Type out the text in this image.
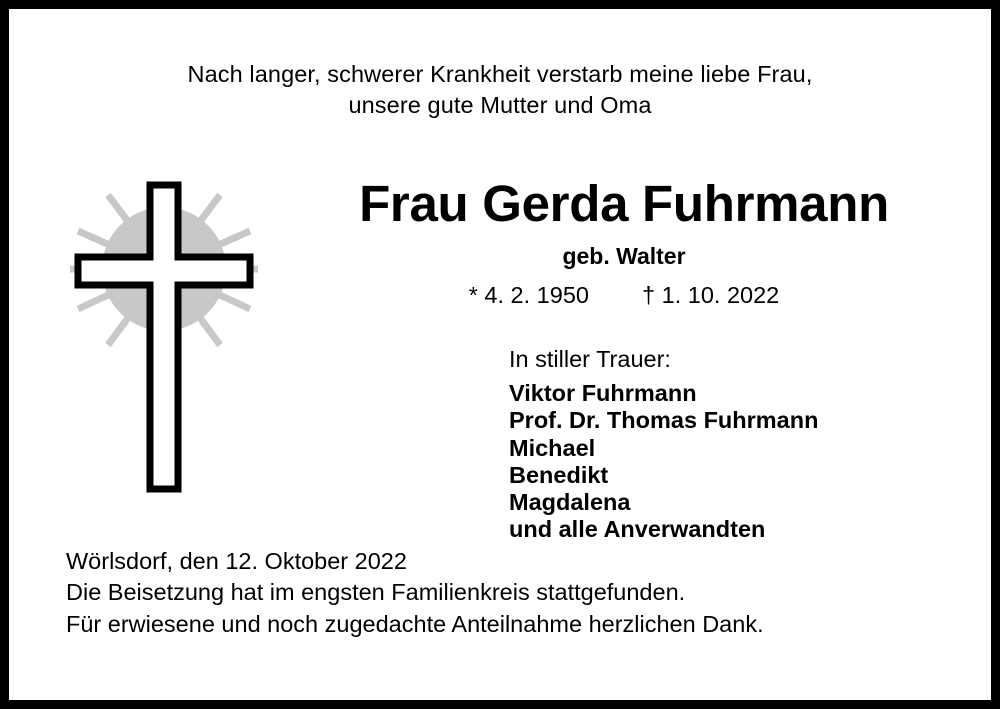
Nach langer, schwerer Krankheit verstarb meine liebe Frau,
unsere gute Mutter und Oma
Frau Gerda Fuhrmann
geb. Walter
* 4. 2. 1950 † 1. 10. 2022
In stiller Trauer:
Viktor Fuhrmann
Prof. Dr. Thomas Fuhrmann
Michael
Benedikt
Magdalena
und alle Anverwandten
Wörlsdorf, den 12. Oktober 2022
Die Beisetzung hat im engsten Familienkreis stattgefunden.
Für erwiesene und noch zugedachte Anteilnahme herzlichen Dank.
